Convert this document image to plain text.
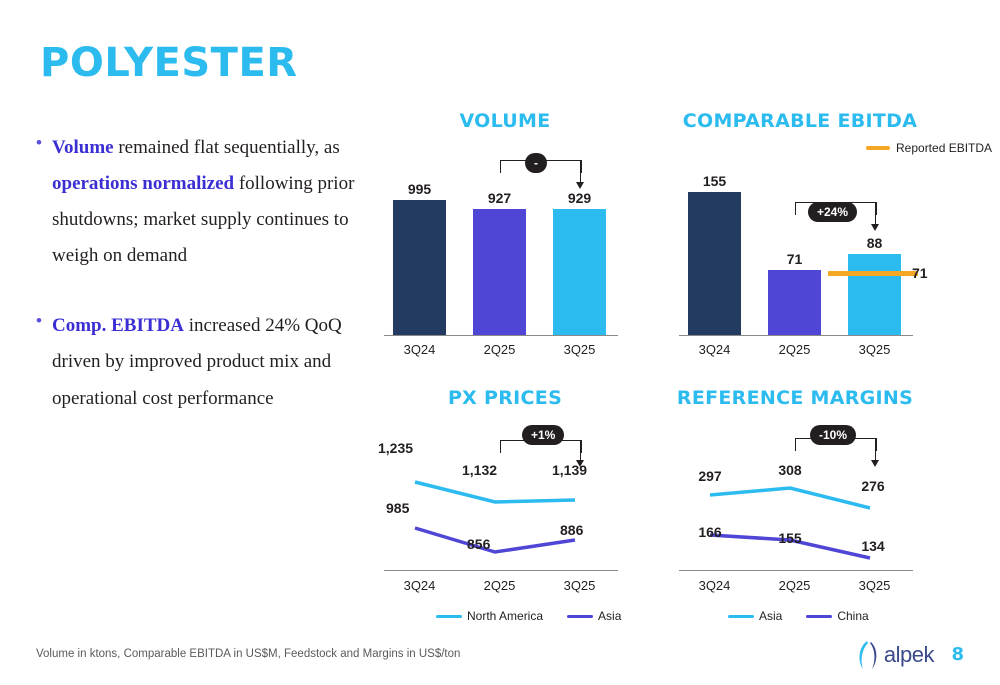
POLYESTER
• Volume remained flat sequentially, as operations normalized following prior shutdowns; market supply continues to weigh on demand
• Comp. EBITDA increased 24% QoQ driven by improved product mix and operational cost performance
VOLUME
995
927	929
3Q24	2Q25	3Q25
-
COMPARABLE EBITDA
Reported EBITDA
155
71
88
71
3Q24	2Q25	3Q25
+24%
PX PRICES
1,235
1,132	1,139
985
856
886
3Q24	2Q25	3Q25
+1%
North America	Asia
REFERENCE MARGINS
297	308
276
166	155	134
3Q24	2Q25	3Q25
-10%
Asia	China
Volume in ktons, Comparable EBITDA in US$M, Feedstock and Margins in US$/ton	alpek 8
